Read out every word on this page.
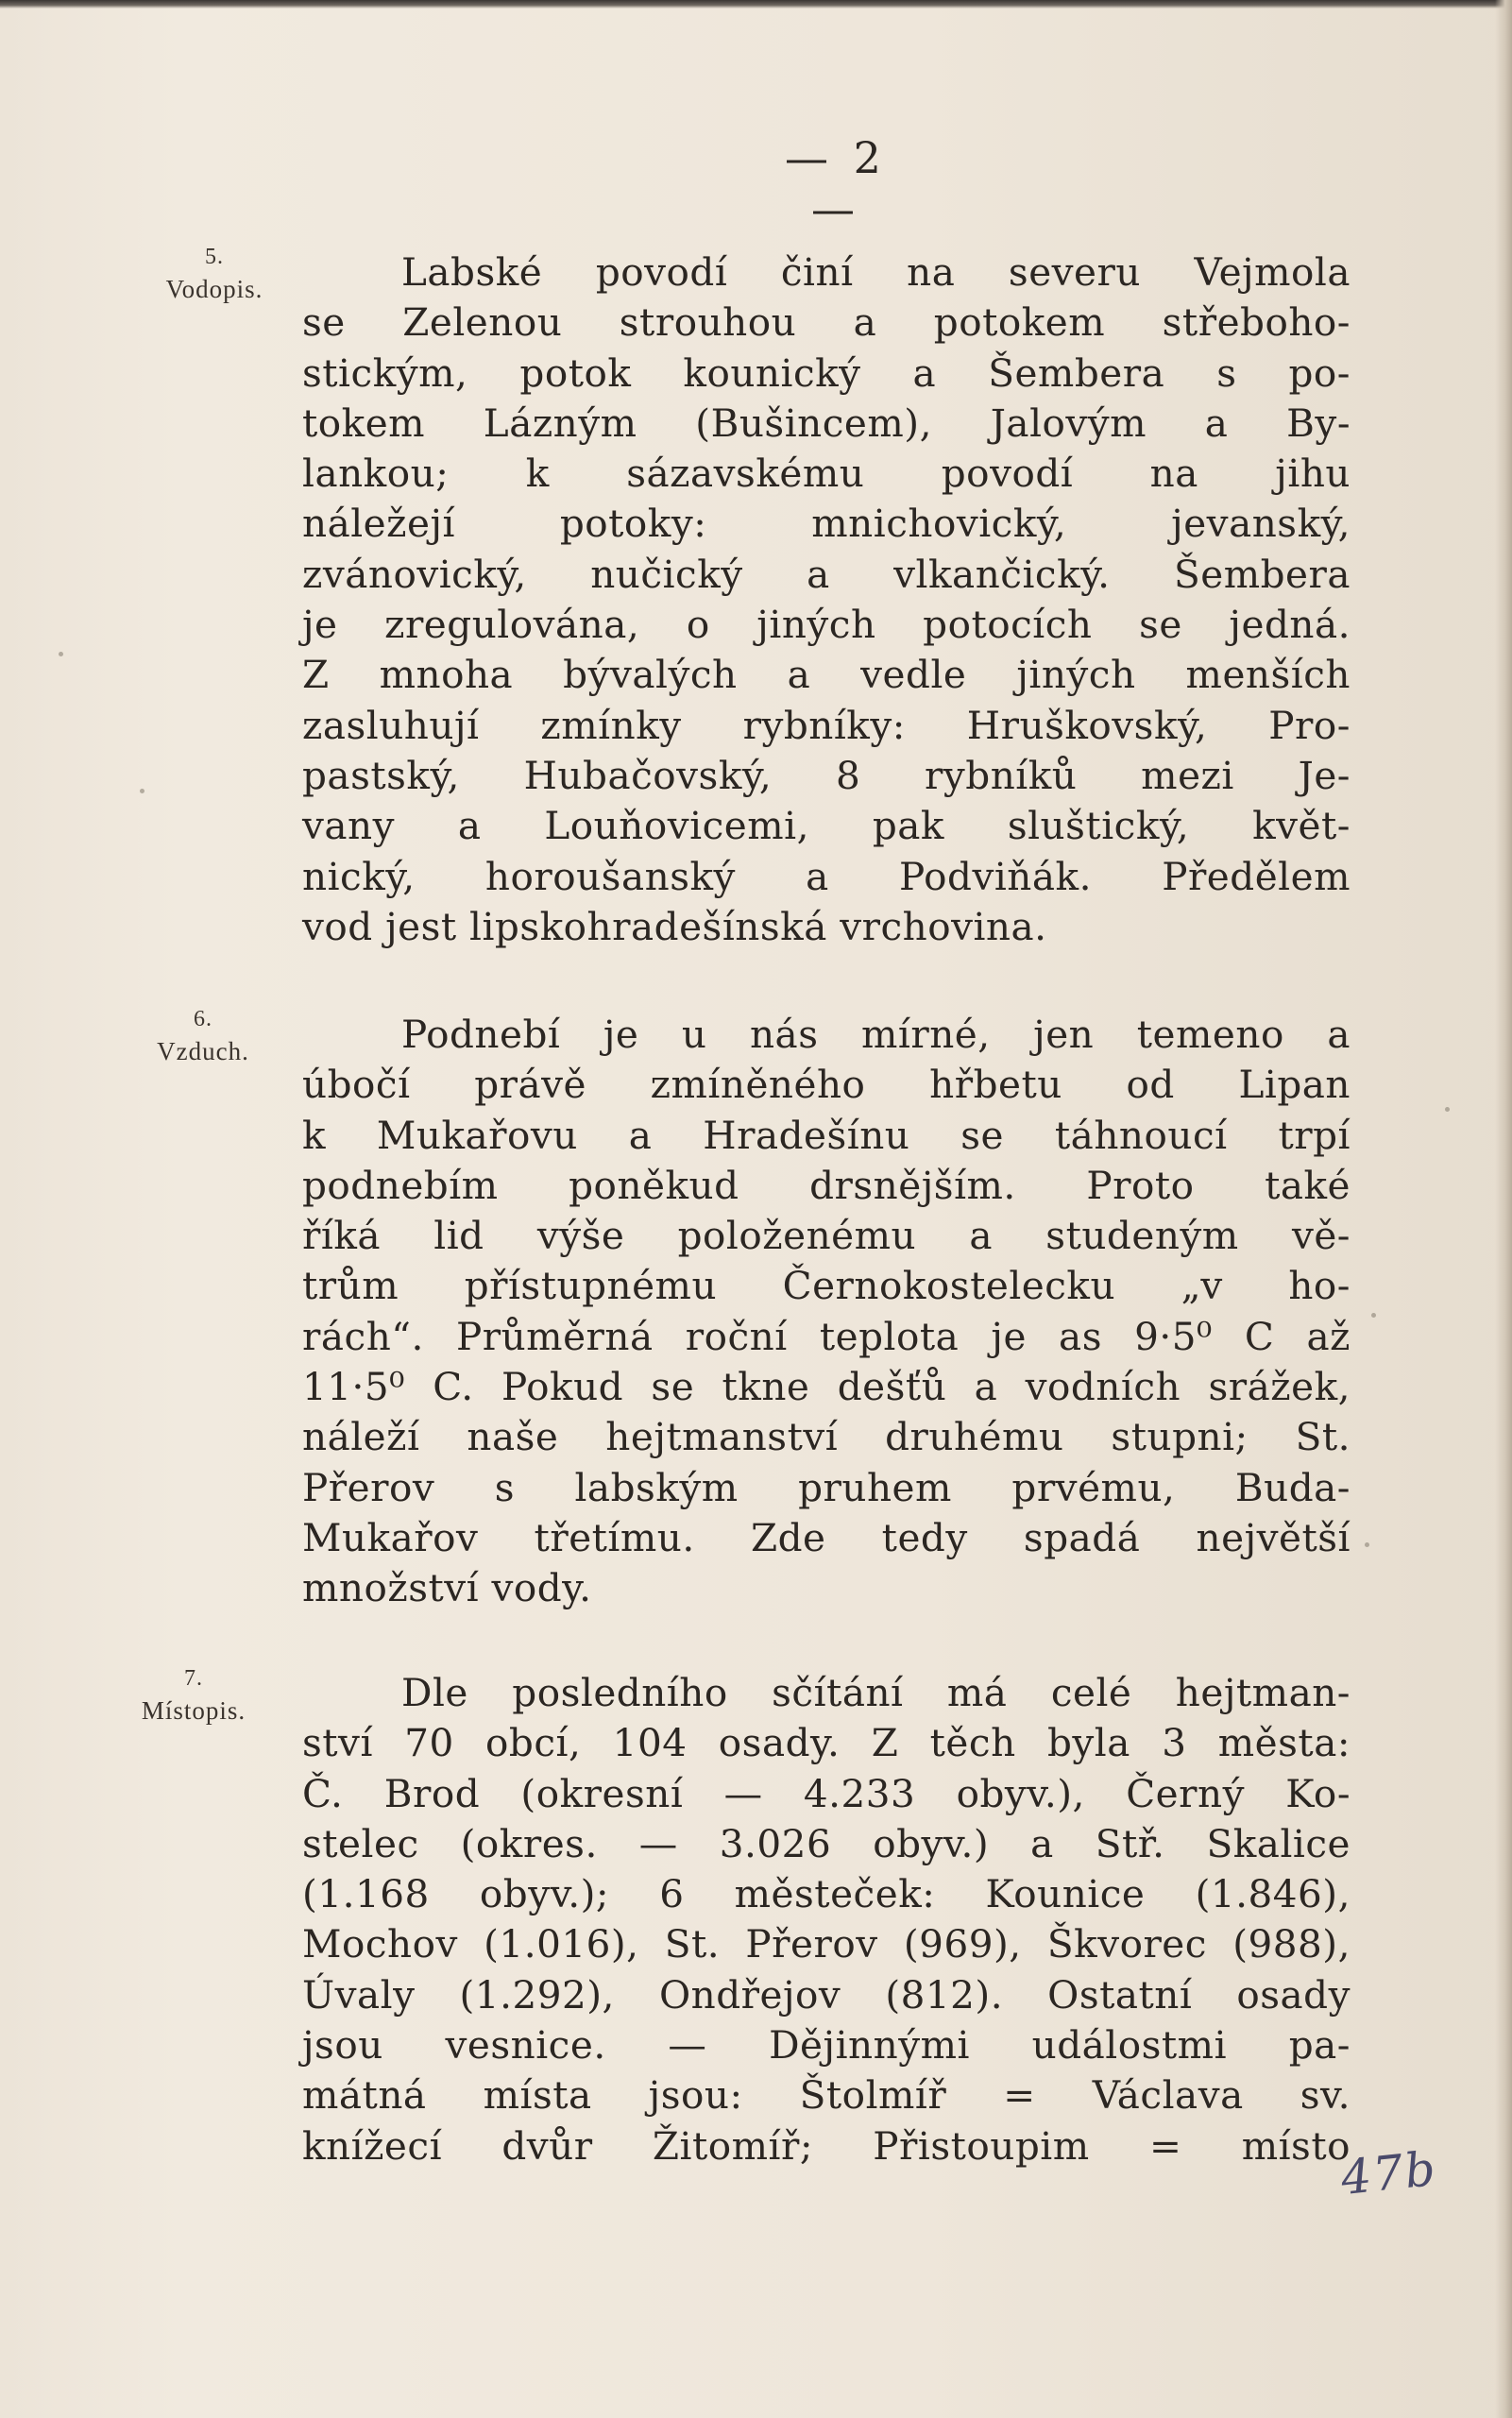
— 2 —
5.
Vodopis.
6.
Vzduch.
7.
Místopis.
Labské povodí činí na severu Vejmola
se Zelenou strouhou a potokem střeboho-
stickým, potok kounický a Šembera s po-
tokem Lázným (Bušincem), Jalovým a By-
lankou; k sázavskému povodí na jihu
náležejí potoky: mnichovický, jevanský,
zvánovický, nučický a vlkančický. Šembera
je zregulována, o jiných potocích se jedná.
Z mnoha bývalých a vedle jiných menších
zasluhují zmínky rybníky: Hruškovský, Pro-
pastský, Hubačovský, 8 rybníků mezi Je-
vany a Louňovicemi, pak sluštický, květ-
nický, horoušanský a Podviňák. Předělem
vod jest lipskohradešínská vrchovina.
Podnebí je u nás mírné, jen temeno a
úbočí právě zmíněného hřbetu od Lipan
k Mukařovu a Hradešínu se táhnoucí trpí
podnebím poněkud drsnějším. Proto také
říká lid výše položenému a studeným vě-
trům přístupnému Černokostelecku „v ho-
rách“. Průměrná roční teplota je as 9·5⁰ C až
11·5⁰ C. Pokud se tkne dešťů a vodních srážek,
náleží naše hejtmanství druhému stupni; St.
Přerov s labským pruhem prvému, Buda-
Mukařov třetímu. Zde tedy spadá největší
množství vody.
Dle posledního sčítání má celé hejtman-
ství 70 obcí, 104 osady. Z těch byla 3 města:
Č. Brod (okresní — 4.233 obyv.), Černý Ko-
stelec (okres. — 3.026 obyv.) a Stř. Skalice
(1.168 obyv.); 6 městeček: Kounice (1.846),
Mochov (1.016), St. Přerov (969), Škvorec (988),
Úvaly (1.292), Ondřejov (812). Ostatní osady
jsou vesnice. — Dějinnými událostmi pa-
mátná místa jsou: Štolmíř = Václava sv.
knížecí dvůr Žitomíř; Přistoupim = místo
47b
